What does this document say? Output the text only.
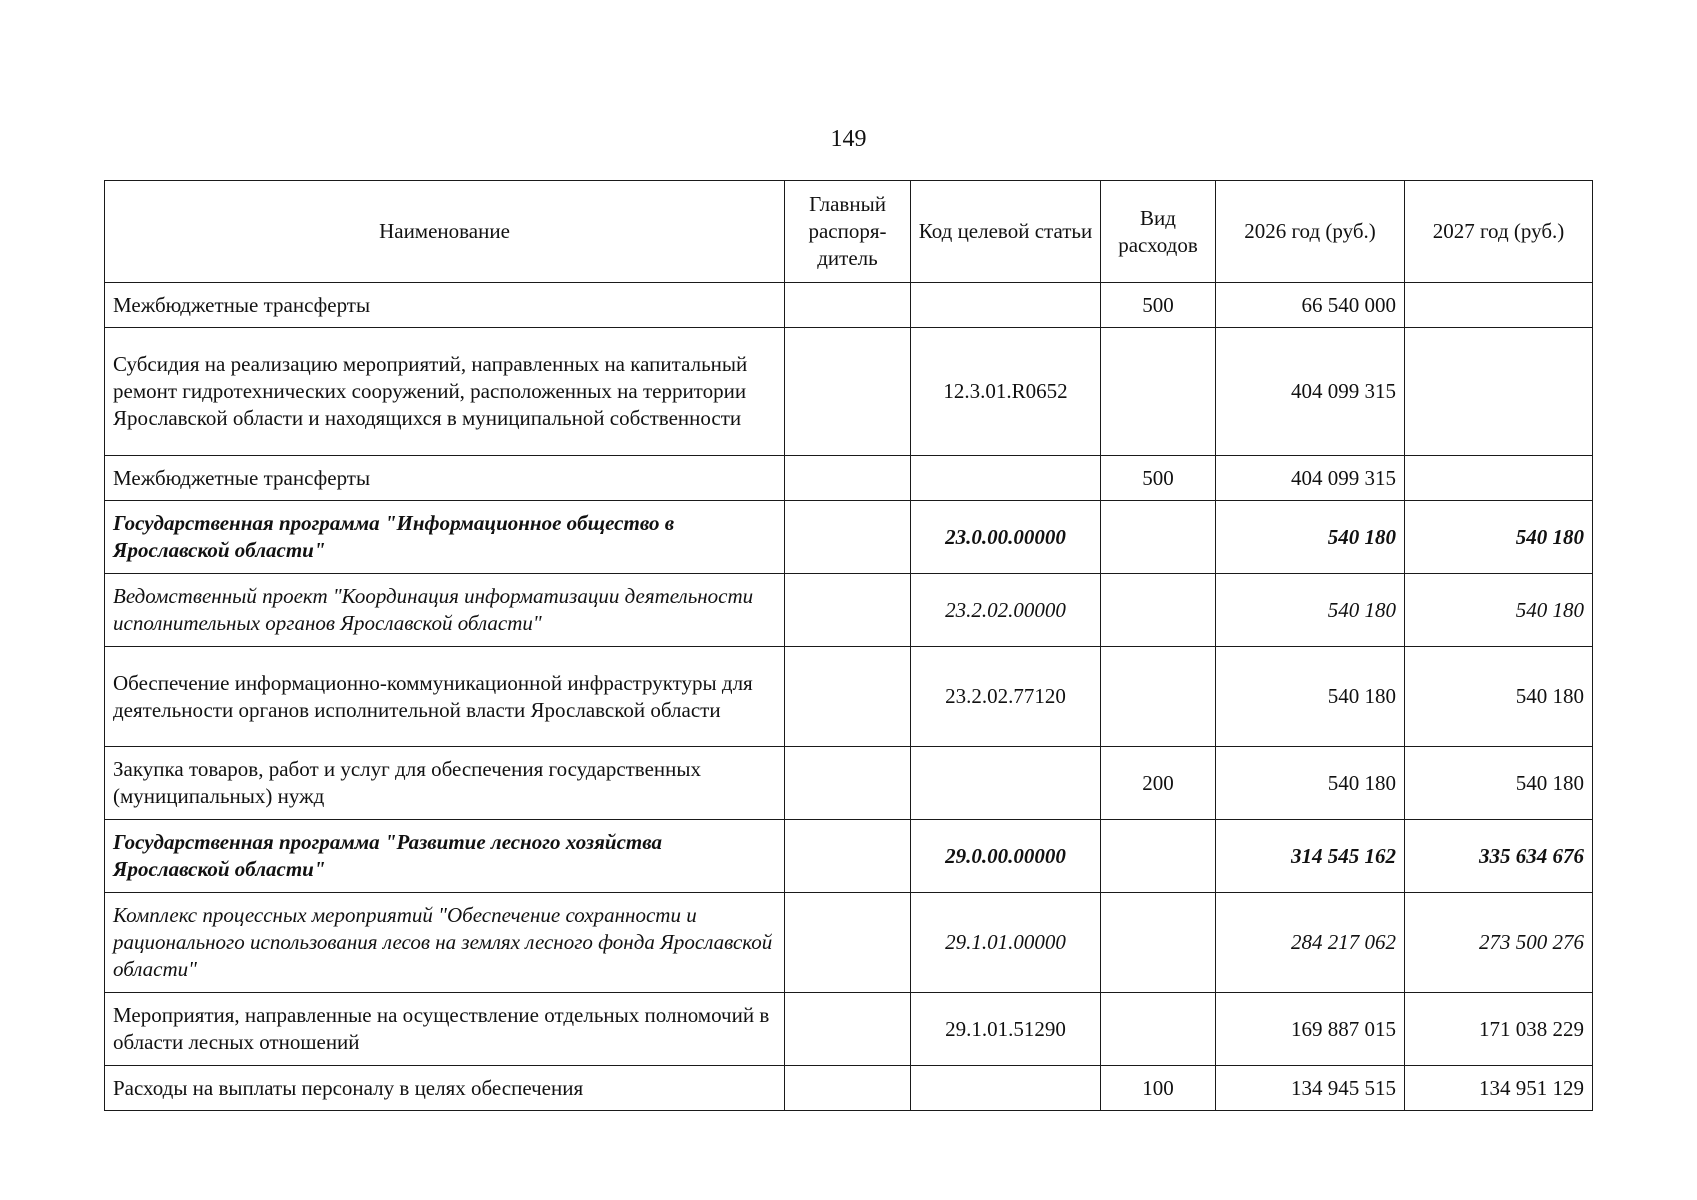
149
Наименование	Главный распоря-дитель	Код целевой статьи	Вид расходов	2026 год (руб.)	2027 год (руб.)
Межбюджетные трансферты			500	66 540 000	
Субсидия на реализацию мероприятий, направленных на капитальный ремонт гидротехнических сооружений, расположенных на территории Ярославской области и находящихся в муниципальной собственности		12.3.01.R0652		404 099 315	
Межбюджетные трансферты			500	404 099 315	
Государственная программа "Информационное общество в Ярославской области"		23.0.00.00000		540 180	540 180
Ведомственный проект "Координация информатизации деятельности исполнительных органов Ярославской области"		23.2.02.00000		540 180	540 180
Обеспечение информационно-коммуникационной инфраструктуры для деятельности органов исполнительной власти Ярославской области		23.2.02.77120		540 180	540 180
Закупка товаров, работ и услуг для обеспечения государственных (муниципальных) нужд			200	540 180	540 180
Государственная программа "Развитие лесного хозяйства Ярославской области"		29.0.00.00000		314 545 162	335 634 676
Комплекс процессных мероприятий "Обеспечение сохранности и рационального использования лесов на землях лесного фонда Ярославской области"		29.1.01.00000		284 217 062	273 500 276
Мероприятия, направленные на осуществление отдельных полномочий в области лесных отношений		29.1.01.51290		169 887 015	171 038 229
Расходы на выплаты персоналу в целях обеспечения			100	134 945 515	134 951 129
